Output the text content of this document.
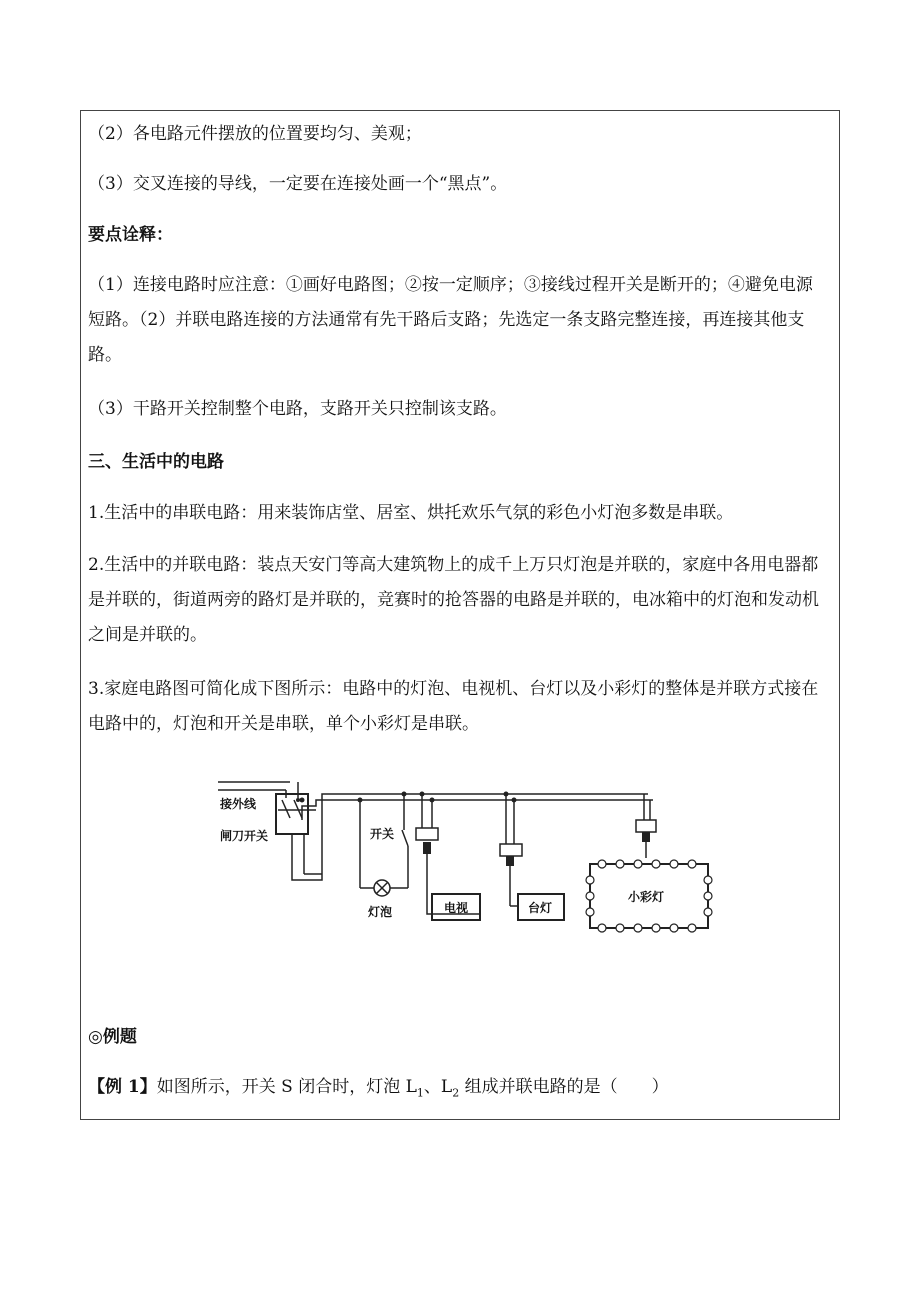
（2）各电路元件摆放的位置要均匀、美观；

（3）交叉连接的导线，一定要在连接处画一个“黑点”。

要点诠释：

（1）连接电路时应注意：①画好电路图；②按一定顺序；③接线过程开关是断开的；④避免电源短路。（2）并联电路连接的方法通常有先干路后支路；先选定一条支路完整连接，再连接其他支路。

（3）干路开关控制整个电路，支路开关只控制该支路。

三、生活中的电路

1.生活中的串联电路：用来装饰店堂、居室、烘托欢乐气氛的彩色小灯泡多数是串联。

2.生活中的并联电路：装点天安门等高大建筑物上的成千上万只灯泡是并联的，家庭中各用电器都是并联的，街道两旁的路灯是并联的，竞赛时的抢答器的电路是并联的，电冰箱中的灯泡和发动机之间是并联的。

3.家庭电路图可简化成下图所示：电路中的灯泡、电视机、台灯以及小彩灯的整体是并联方式接在电路中的，灯泡和开关是串联，单个小彩灯是串联。

接外线
闸刀开关	开关
灯泡	电视	台灯
小彩灯

◎例题

【例 1】如图所示，开关 S 闭合时，灯泡 $L_1$、$L_2$ 组成并联电路的是（　　）
